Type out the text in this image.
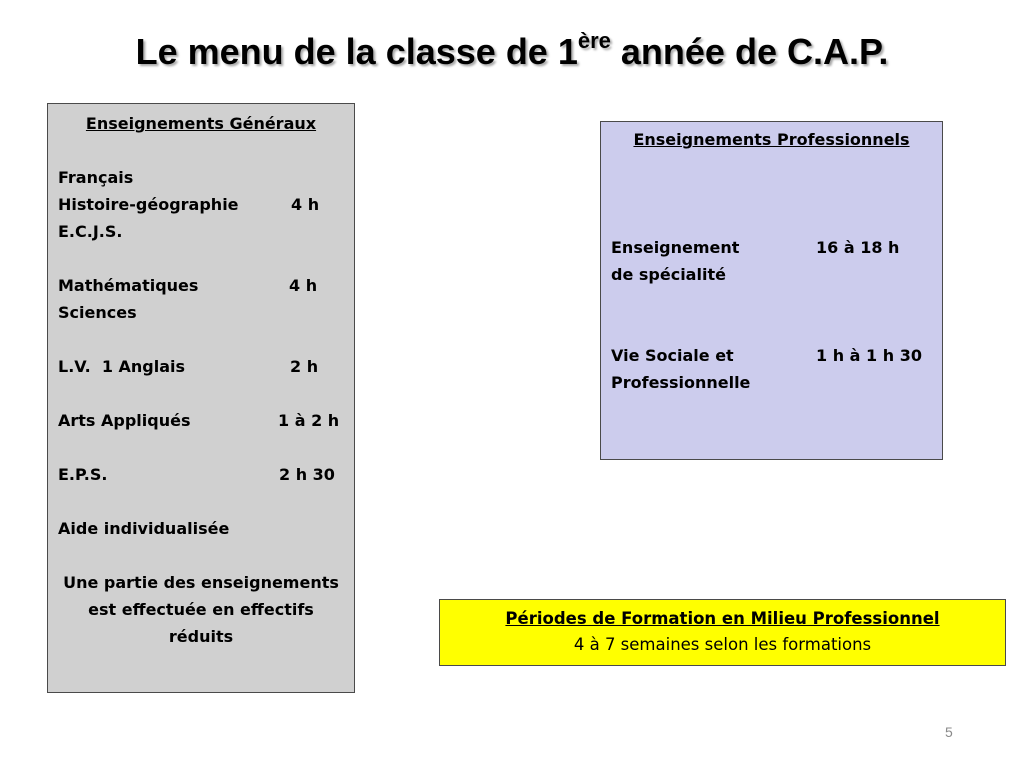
Le menu de la classe de 1ère année de C.A.P.
Enseignements Généraux
Français
Histoire-géographie	4 h
E.C.J.S.
Mathématiques	4 h
Sciences
L.V.  1 Anglais	2 h
Arts Appliqués	1 à 2 h
E.P.S.	2 h 30
Aide individualisée
Une partie des enseignements
est effectuée en effectifs
réduits
Enseignements Professionnels
Enseignement	16 à 18 h
de spécialité
Vie Sociale et	1 h à 1 h 30
Professionnelle
Périodes de Formation en Milieu Professionnel
4 à 7 semaines selon les formations
5
